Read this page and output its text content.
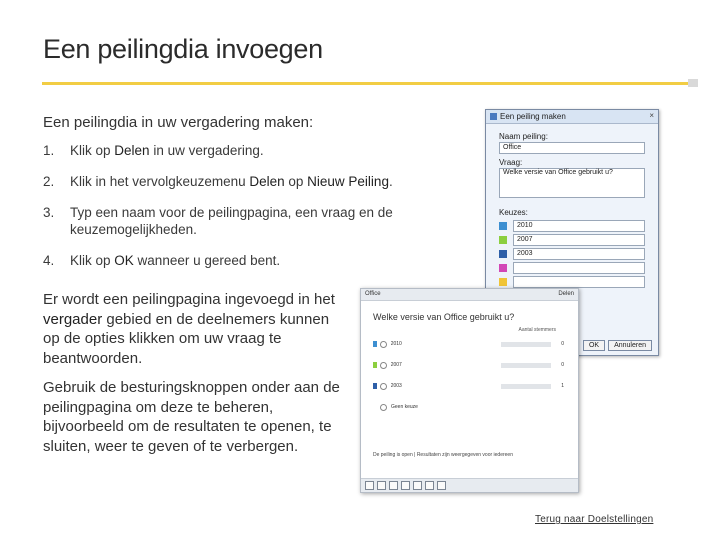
Een peilingdia invoegen
Een peilingdia in uw vergadering maken:
1.	Klik op Delen in uw vergadering.
2.	Klik in het vervolgkeuzemenu Delen op Nieuw Peiling.
3.	Typ een naam voor de peilingpagina, een vraag en de keuzemogelijkheden.
4.	Klik op OK wanneer u gereed bent.
Er wordt een peilingpagina ingevoegd in het vergader gebied en de deelnemers kunnen op de opties klikken om uw vraag te beantwoorden.
Gebruik de besturingsknoppen onder aan de peilingpagina om deze te beheren, bijvoorbeeld om de resultaten te openen, te sluiten, weer te geven of te verbergen.
Terug naar Doelstellingen
Een peiling maken	×
Naam peiling:
Office
Vraag:
Welke versie van Office gebruikt u?
Keuzes:
2010
2007
2003
OK	Annuleren
Office	Delen
Welke versie van Office gebruikt u?
Aantal stemmers
2010	0
2007	0
2003	1
Geen keuze
De peiling is open | Resultaten zijn weergegeven voor iedereen
